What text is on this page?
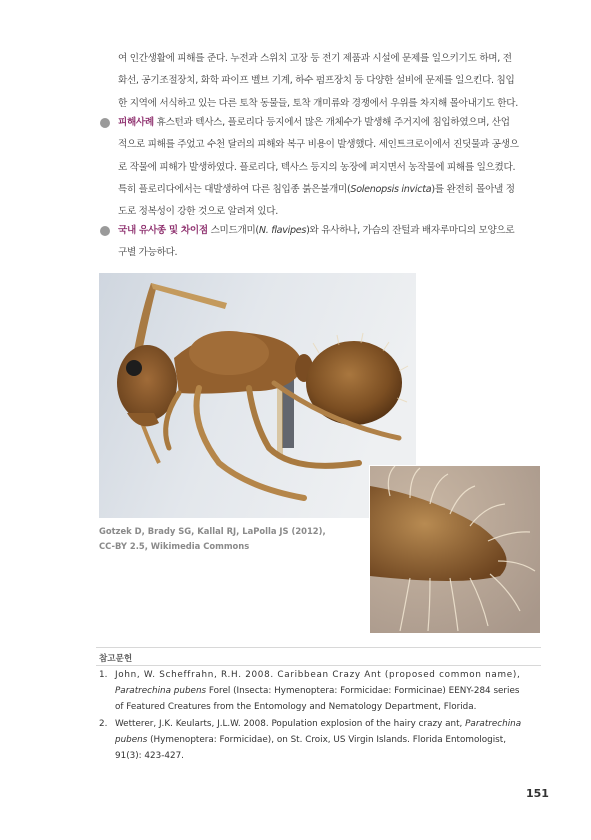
여 인간생활에 피해를 준다. 누전과 스위치 고장 등 전기 제품과 시설에 문제를 일으키기도 하며, 전
화선, 공기조절장치, 화학 파이프 벨브 기계, 하수 펌프장치 등 다양한 설비에 문제를 일으킨다. 침입
한 지역에 서식하고 있는 다른 토착 동물들, 토착 개미류와 경쟁에서 우위를 차지해 몰아내기도 한다.
피해사례 휴스턴과 텍사스, 플로리다 등지에서 많은 개체수가 발생해 주거지에 침입하였으며, 산업
적으로 피해를 주었고 수천 달러의 피해와 복구 비용이 발생했다. 세인트크로이에서 진딧물과 공생으
로 작물에 피해가 발생하였다. 플로리다, 텍사스 등지의 농장에 퍼지면서 농작물에 피해를 일으켰다.
특히 플로리다에서는 대발생하여 다른 침입종 붉은불개미(Solenopsis invicta)를 완전히 몰아낼 정
도로 정복성이 강한 것으로 알려져 있다.
국내 유사종 및 차이점 스미드개미(N. flavipes)와 유사하나, 가슴의 잔털과 배자루마디의 모양으로
구별 가능하다.
Gotzek D, Brady SG, Kallal RJ, LaPolla JS (2012),
CC-BY 2.5, Wikimedia Commons
참고문헌
1. John, W. Scheffrahn, R.H. 2008. Caribbean Crazy Ant (proposed common name),
Paratrechina pubens Forel (Insecta: Hymenoptera: Formicidae: Formicinae) EENY-284 series
of Featured Creatures from the Entomology and Nematology Department, Florida.
2. Wetterer, J.K. Keularts, J.L.W. 2008. Population explosion of the hairy crazy ant, Paratrechina
pubens (Hymenoptera: Formicidae), on St. Croix, US Virgin Islands. Florida Entomologist,
91(3): 423-427.
151
